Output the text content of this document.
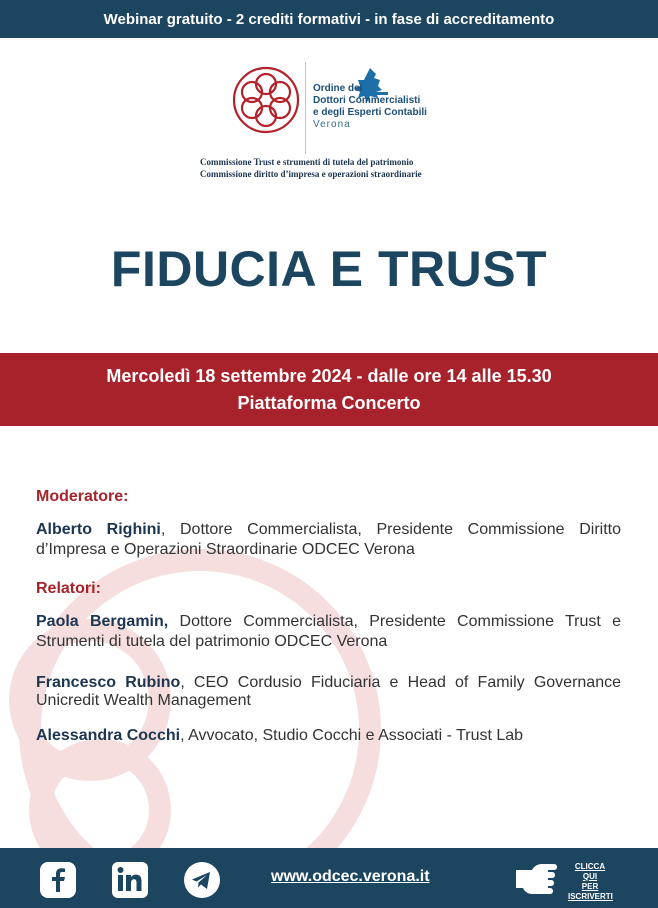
Webinar gratuito - 2 crediti formativi - in fase di accreditamento
Ordine dei
Dottori Commercialisti
e degli Esperti Contabili
Verona
Commissione Trust e strumenti di tutela del patrimonio
Commissione diritto d’impresa e operazioni straordinarie
FIDUCIA E TRUST
Mercoledì 18 settembre 2024 - dalle ore 14 alle 15.30
Piattaforma Concerto

Moderatore:

Alberto Righini, Dottore Commercialista, Presidente Commissione Diritto d’Impresa e Operazioni Straordinarie ODCEC Verona

Relatori:

Paola Bergamin, Dottore Commercialista, Presidente Commissione Trust e Strumenti di tutela del patrimonio ODCEC Verona

Francesco Rubino, CEO Cordusio Fiduciaria e Head of Family Governance Unicredit Wealth Management

Alessandra Cocchi, Avvocato, Studio Cocchi e Associati - Trust Lab

www.odcec.verona.it
CLICCA QUI
PER
ISCRIVERTI
